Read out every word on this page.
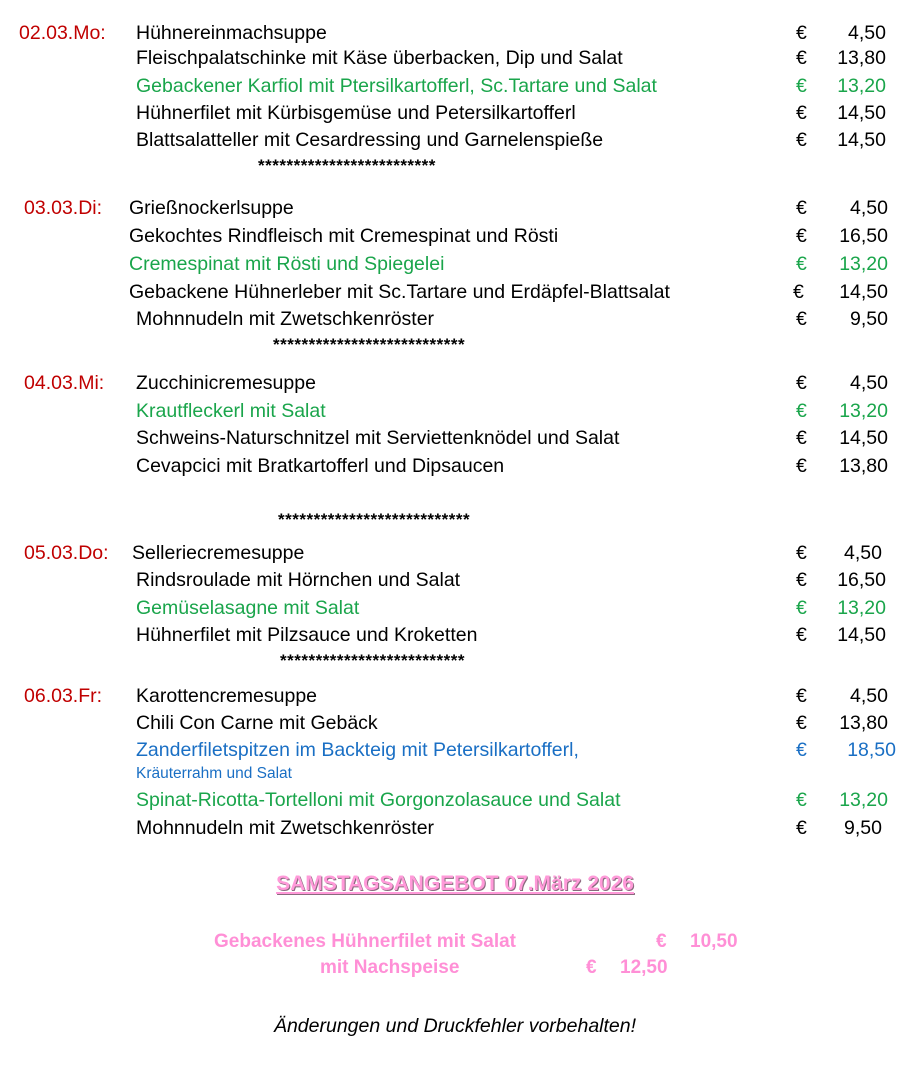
02.03.Mo: Hühnereinmachsuppe	€	4,50
Fleischpalatschinke mit Käse überbacken, Dip und Salat	€	13,80
Gebackener Karfiol mit Ptersilkartofferl, Sc.Tartare und Salat	€	13,20
Hühnerfilet mit Kürbisgemüse und Petersilkartofferl	€	14,50
Blattsalatteller mit Cesardressing und Garnelenspieße	€	14,50
*************************
03.03.Di: Grießnockerlsuppe	€	4,50
Gekochtes Rindfleisch mit Cremespinat und Rösti	€	16,50
Cremespinat mit Rösti und Spiegelei	€	13,20
Gebackene Hühnerleber mit Sc.Tartare und Erdäpfel-Blattsalat	€	14,50
Mohnnudeln mit Zwetschkenröster	€	9,50
***************************
04.03.Mi: Zucchinicremesuppe	€	4,50
Krautfleckerl mit Salat	€	13,20
Schweins-Naturschnitzel mit Serviettenknödel und Salat	€	14,50
Cevapcici mit Bratkartofferl und Dipsaucen	€	13,80
***************************
05.03.Do: Selleriecremesuppe	€	4,50
Rindsroulade mit Hörnchen und Salat	€	16,50
Gemüselasagne mit Salat	€	13,20
Hühnerfilet mit Pilzsauce und Kroketten	€	14,50
**************************
06.03.Fr: Karottencremesuppe	€	4,50
Chili Con Carne mit Gebäck	€	13,80
Zanderfiletspitzen im Backteig mit Petersilkartofferl,	€	18,50
Kräuterrahm und Salat
Spinat-Ricotta-Tortelloni mit Gorgonzolasauce und Salat	€	13,20
Mohnnudeln mit Zwetschkenröster	€	9,50
SAMSTAGSANGEBOT 07.März 2026
Gebackenes Hühnerfilet mit Salat	€ 10,50
mit Nachspeise	€ 12,50
Änderungen und Druckfehler vorbehalten!
